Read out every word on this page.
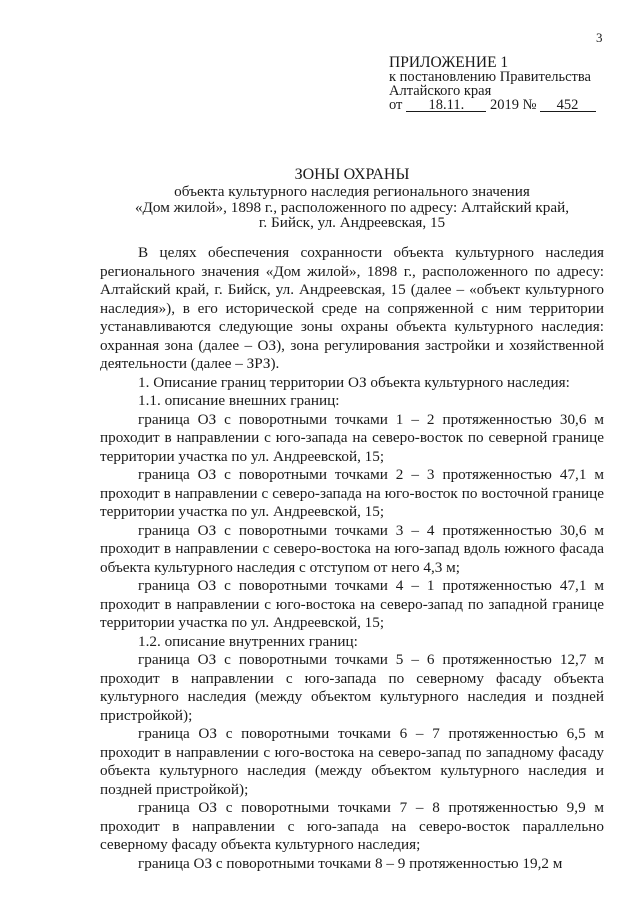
3
ПРИЛОЖЕНИЕ 1
к постановлению Правительства
Алтайского края
от 18.11. 2019 № 452
ЗОНЫ ОХРАНЫ
объекта культурного наследия регионального значения
«Дом жилой», 1898 г., расположенного по адресу: Алтайский край,
г. Бийск, ул. Андреевская, 15

В целях обеспечения сохранности объекта культурного наследия регионального значения «Дом жилой», 1898 г., расположенного по адресу: Алтайский край, г. Бийск, ул. Андреевская, 15 (далее – «объект культурного наследия»), в его исторической среде на сопряженной с ним территории устанавливаются следующие зоны охраны объекта культурного наследия: охранная зона (далее – ОЗ), зона регулирования застройки и хозяйственной деятельности (далее – ЗРЗ).

1. Описание границ территории ОЗ объекта культурного наследия:

1.1. описание внешних границ:

граница ОЗ с поворотными точками 1 – 2 протяженностью 30,6 м проходит в направлении с юго-запада на северо-восток по северной границе территории участка по ул. Андреевской, 15;

граница ОЗ с поворотными точками 2 – 3 протяженностью 47,1 м проходит в направлении с северо-запада на юго-восток по восточной границе территории участка по ул. Андреевской, 15;

граница ОЗ с поворотными точками 3 – 4 протяженностью 30,6 м проходит в направлении с северо-востока на юго-запад вдоль южного фасада объекта культурного наследия с отступом от него 4,3 м;

граница ОЗ с поворотными точками 4 – 1 протяженностью 47,1 м проходит в направлении с юго-востока на северо-запад по западной границе территории участка по ул. Андреевской, 15;

1.2. описание внутренних границ:

граница ОЗ с поворотными точками 5 – 6 протяженностью 12,7 м проходит в направлении с юго-запада по северному фасаду объекта культурного наследия (между объектом культурного наследия и поздней пристройкой);

граница ОЗ с поворотными точками 6 – 7 протяженностью 6,5 м проходит в направлении с юго-востока на северо-запад по западному фасаду объекта культурного наследия (между объектом культурного наследия и поздней пристройкой);

граница ОЗ с поворотными точками 7 – 8 протяженностью 9,9 м проходит в направлении с юго-запада на северо-восток параллельно северному фасаду объекта культурного наследия;

граница ОЗ с поворотными точками 8 – 9 протяженностью 19,2 м
